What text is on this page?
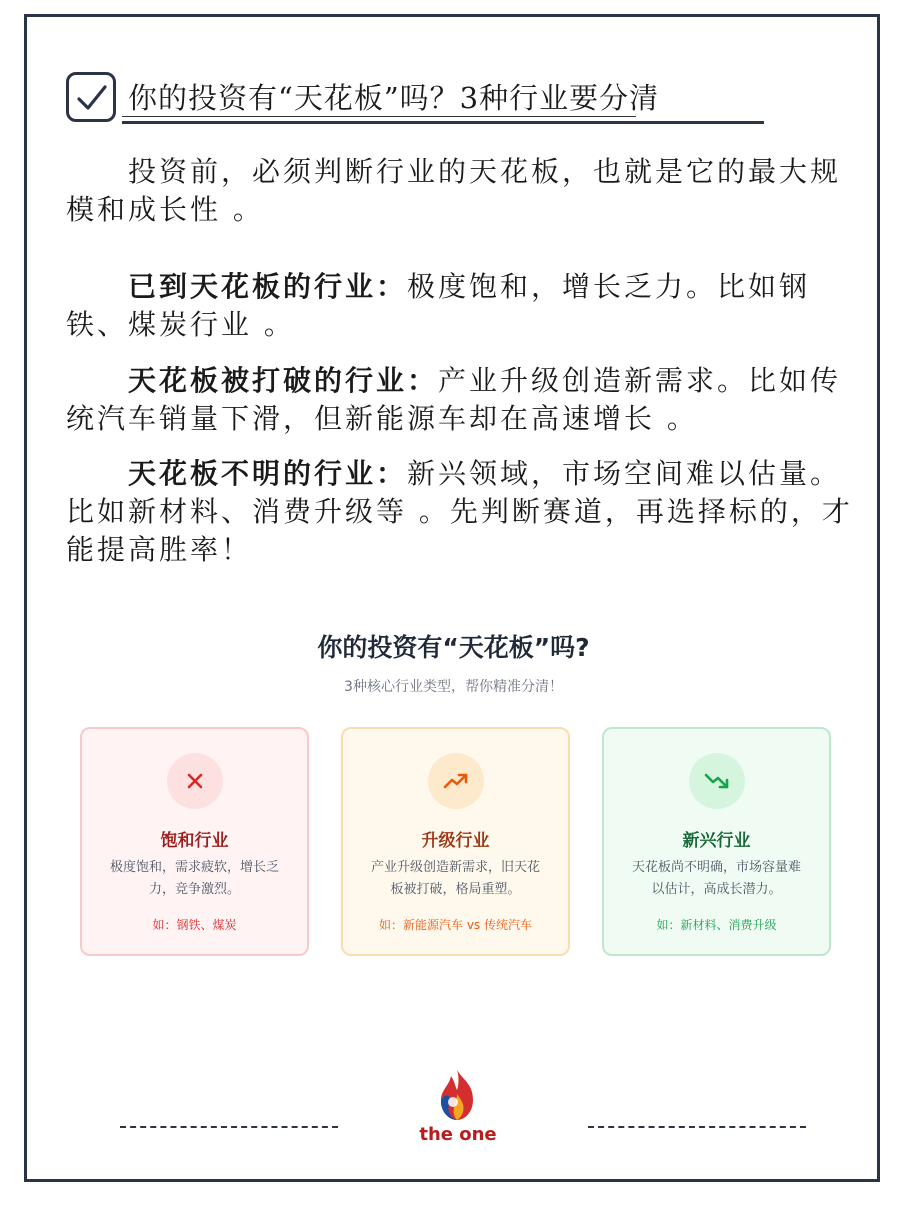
你的投资有“天花板”吗？3种行业要分清

投资前，必须判断行业的天花板，也就是它的最大规模和成长性 。

已到天花板的行业：极度饱和，增长乏力。比如钢铁、煤炭行业 。

天花板被打破的行业：产业升级创造新需求。比如传统汽车销量下滑，但新能源车却在高速增长 。

天花板不明的行业：新兴领域，市场空间难以估量。比如新材料、消费升级等 。先判断赛道，再选择标的，才能提高胜率！

你的投资有“天花板”吗?
3种核心行业类型，帮你精准分清！
饱和行业
极度饱和，需求疲软，增长乏力，竞争激烈。
如：钢铁、煤炭
升级行业
产业升级创造新需求，旧天花板被打破，格局重塑。
如：新能源汽车 vs 传统汽车
新兴行业
天花板尚不明确，市场容量难以估计，高成长潜力。
如：新材料、消费升级
the one
